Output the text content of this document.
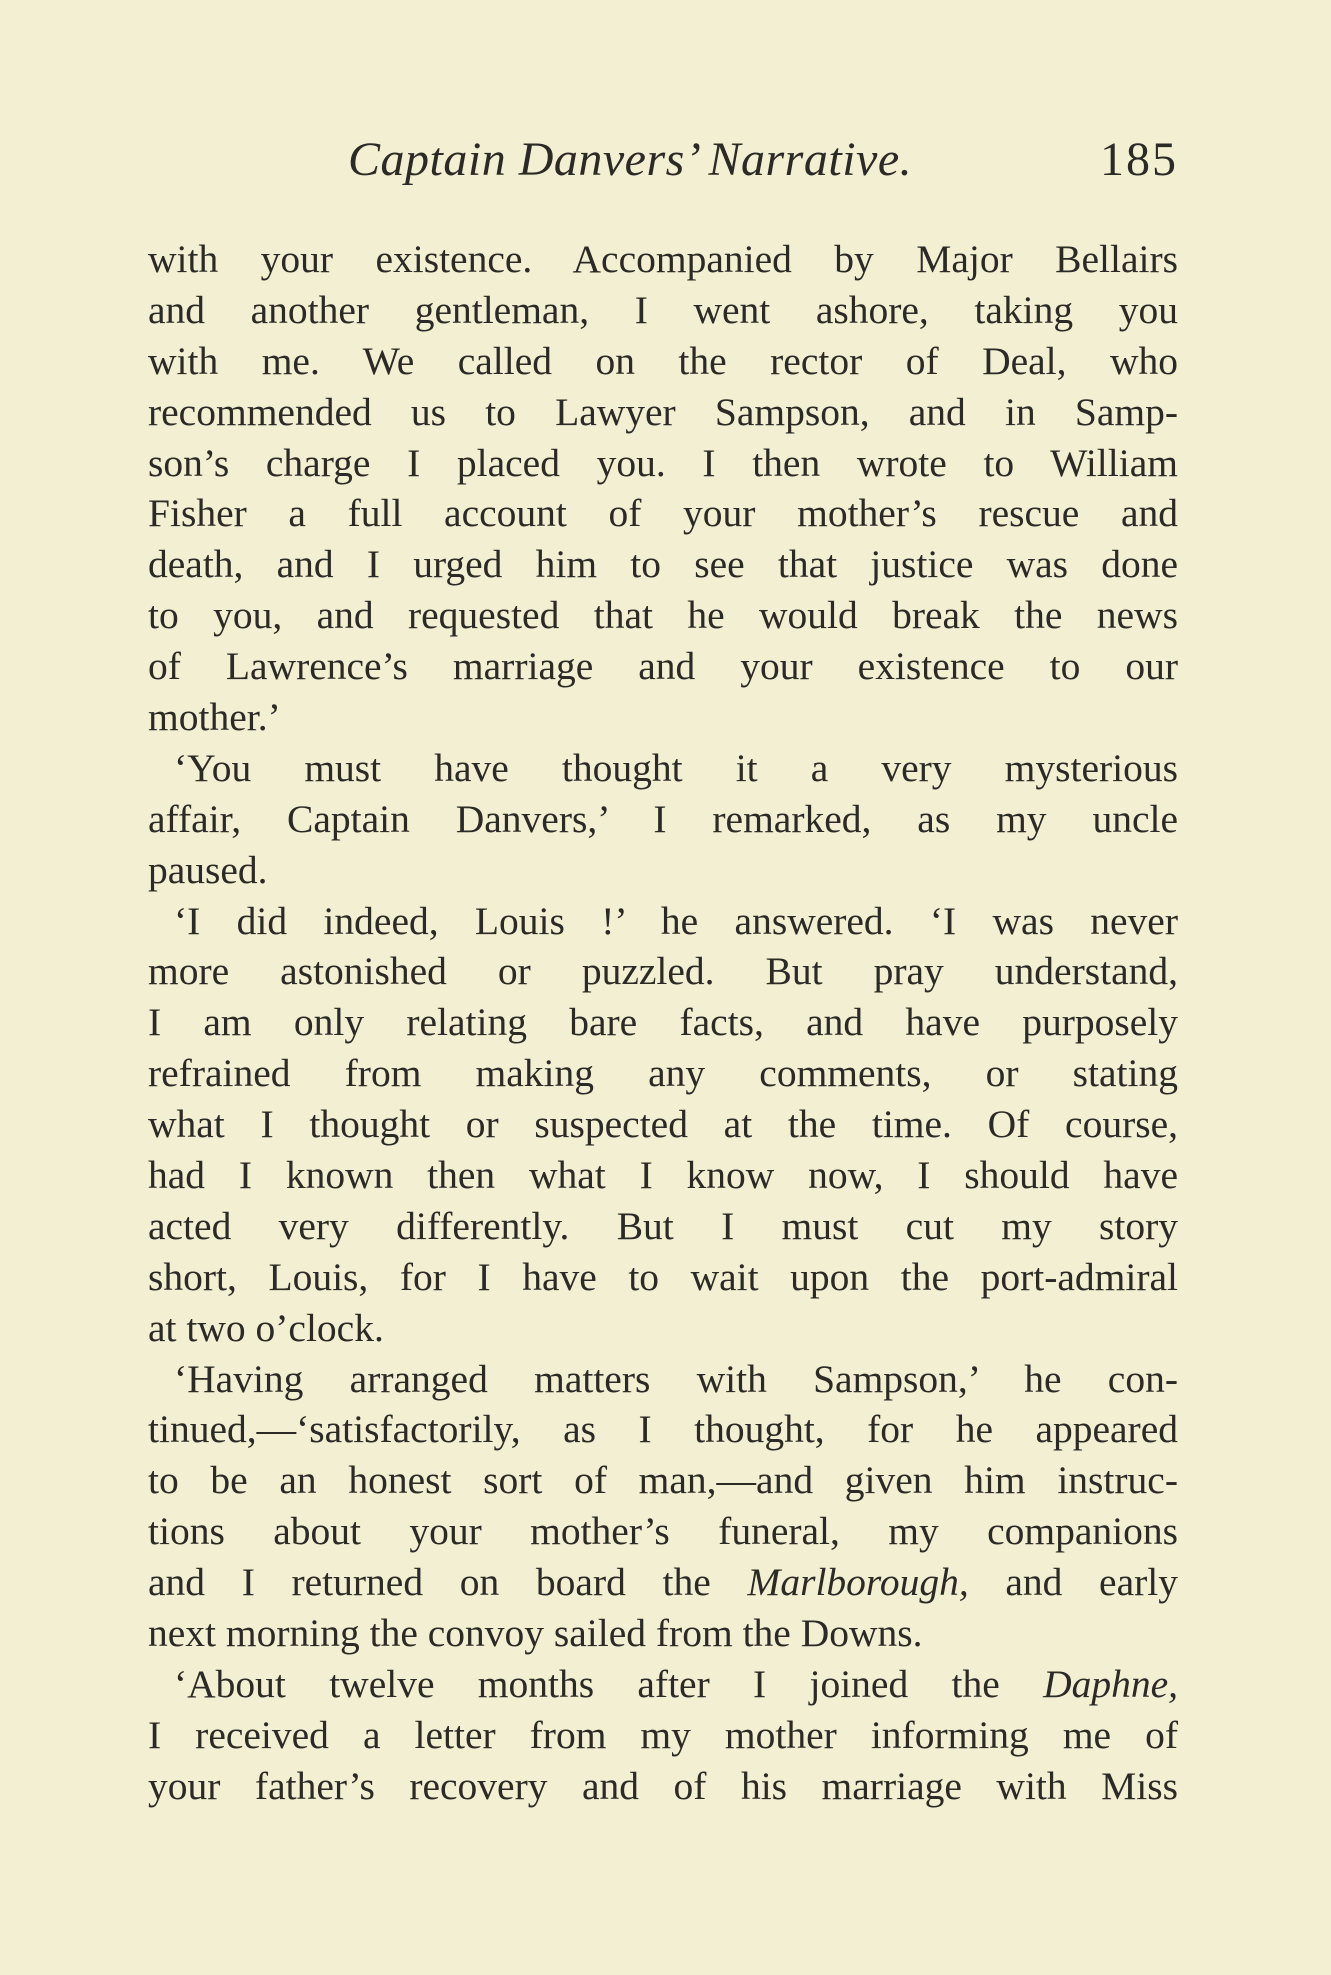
Captain Danvers’ Narrative.	185
with your existence. Accompanied by Major Bellairs
and another gentleman, I went ashore, taking you
with me. We called on the rector of Deal, who
recommended us to Lawyer Sampson, and in Samp-
son’s charge I placed you. I then wrote to William
Fisher a full account of your mother’s rescue and
death, and I urged him to see that justice was done
to you, and requested that he would break the news
of Lawrence’s marriage and your existence to our
mother.’
‘You must have thought it a very mysterious
affair, Captain Danvers,’ I remarked, as my uncle
paused.
‘I did indeed, Louis !’ he answered. ‘I was never
more astonished or puzzled. But pray understand,
I am only relating bare facts, and have purposely
refrained from making any comments, or stating
what I thought or suspected at the time. Of course,
had I known then what I know now, I should have
acted very differently. But I must cut my story
short, Louis, for I have to wait upon the port-admiral
at two o’clock.
‘Having arranged matters with Sampson,’ he con-
tinued,—‘satisfactorily, as I thought, for he appeared
to be an honest sort of man,—and given him instruc-
tions about your mother’s funeral, my companions
and I returned on board the Marlborough, and early
next morning the convoy sailed from the Downs.
‘About twelve months after I joined the Daphne,
I received a letter from my mother informing me of
your father’s recovery and of his marriage with Miss
